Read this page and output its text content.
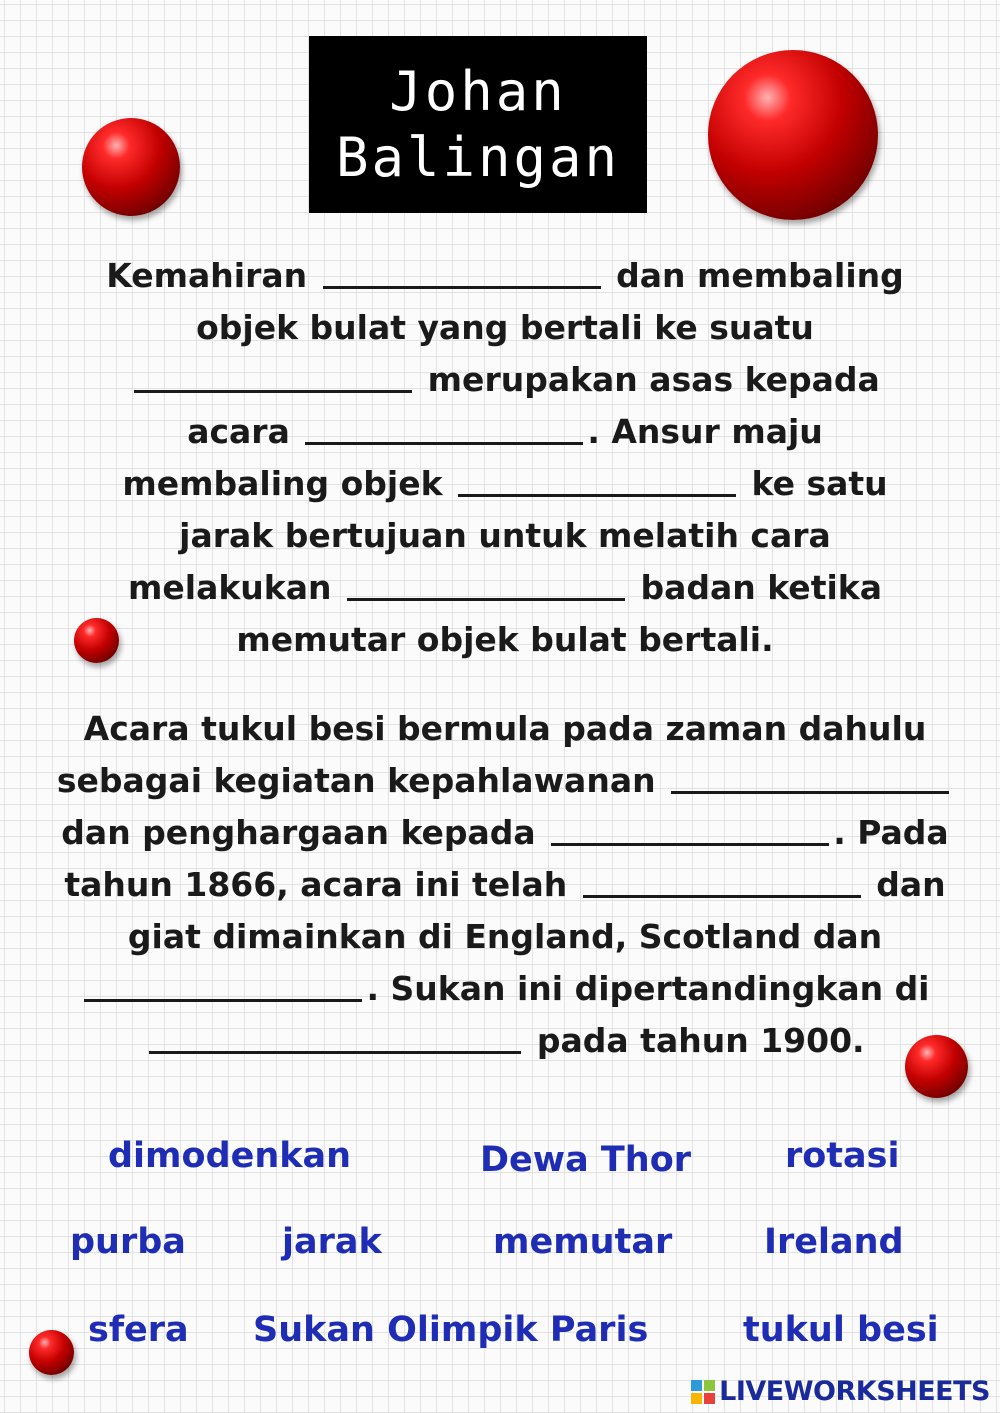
Johan
Balingan
Kemahiran	dan membaling
objek bulat yang bertali ke suatu
merupakan asas kepada
acara	. Ansur maju
membaling objek	ke satu
jarak bertujuan untuk melatih cara
melakukan	badan ketika
memutar objek bulat bertali.
Acara tukul besi bermula pada zaman dahulu
sebagai kegiatan kepahlawanan
dan penghargaan kepada	. Pada
tahun 1866, acara ini telah	dan
giat dimainkan di England, Scotland dan
. Sukan ini dipertandingkan di
pada tahun 1900.
dimodenkan	Dewa Thor	rotasi
purba	jarak	memutar	Ireland
sfera Sukan Olimpik Paris	tukul besi
LIVEWORKSHEETS
